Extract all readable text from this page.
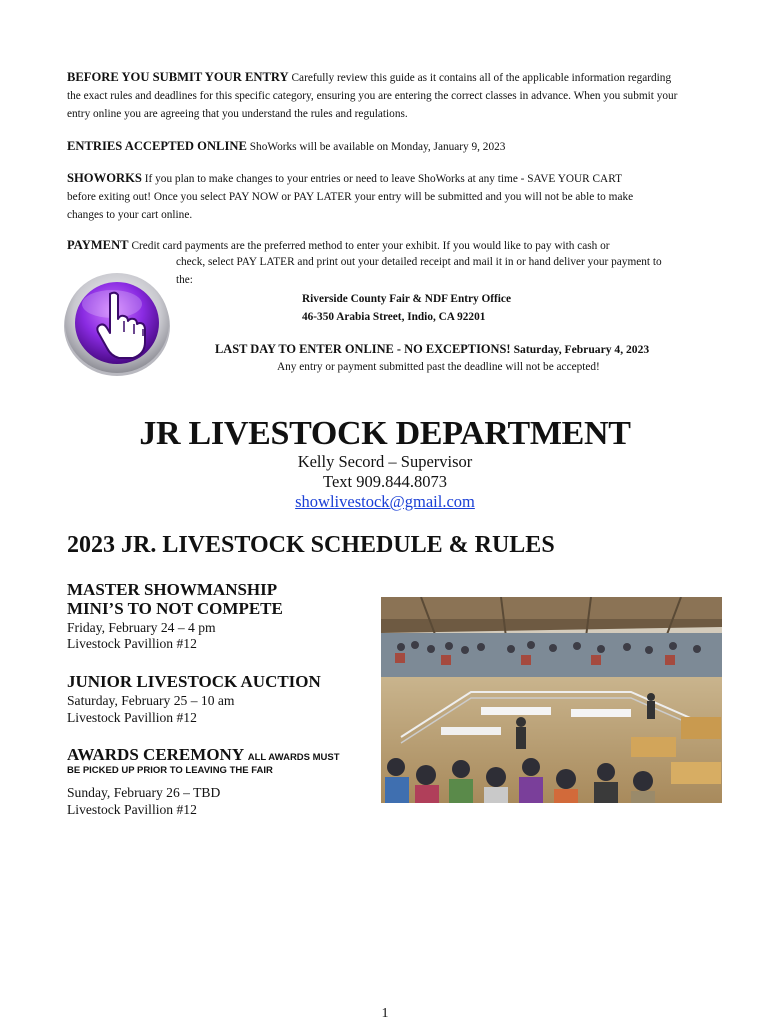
BEFORE YOU SUBMIT YOUR ENTRY Carefully review this guide as it contains all of the applicable information regarding
the exact rules and deadlines for this specific category, ensuring you are entering the correct classes in advance. When you submit your
entry online you are agreeing that you understand the rules and regulations.
ENTRIES ACCEPTED ONLINE ShoWorks will be available on Monday, January 9, 2023
SHOWORKS If you plan to make changes to your entries or need to leave ShoWorks at any time - SAVE YOUR CART
before exiting out! Once you select PAY NOW or PAY LATER your entry will be submitted and you will not be able to make
changes to your cart online.
PAYMENT Credit card payments are the preferred method to enter your exhibit. If you would like to pay with cash or
check, select PAY LATER and print out your detailed receipt and mail it in or hand deliver your payment to
the:
Riverside County Fair & NDF Entry Office
46-350 Arabia Street, Indio, CA 92201
LAST DAY TO ENTER ONLINE - NO EXCEPTIONS! Saturday, February 4, 2023
Any entry or payment submitted past the deadline will not be accepted!
JR LIVESTOCK DEPARTMENT
Kelly Secord – Supervisor
Text 909.844.8073
showlivestock@gmail.com
2023 JR. LIVESTOCK SCHEDULE & RULES
MASTER SHOWMANSHIP
MINI’S TO NOT COMPETE
Friday, February 24 – 4 pm
Livestock Pavillion #12
JUNIOR LIVESTOCK AUCTION
Saturday, February 25 – 10 am
Livestock Pavillion #12
AWARDS CEREMONY ALL AWARDS MUST
BE PICKED UP PRIOR TO LEAVING THE FAIR
Sunday, February 26 – TBD
Livestock Pavillion #12
1
